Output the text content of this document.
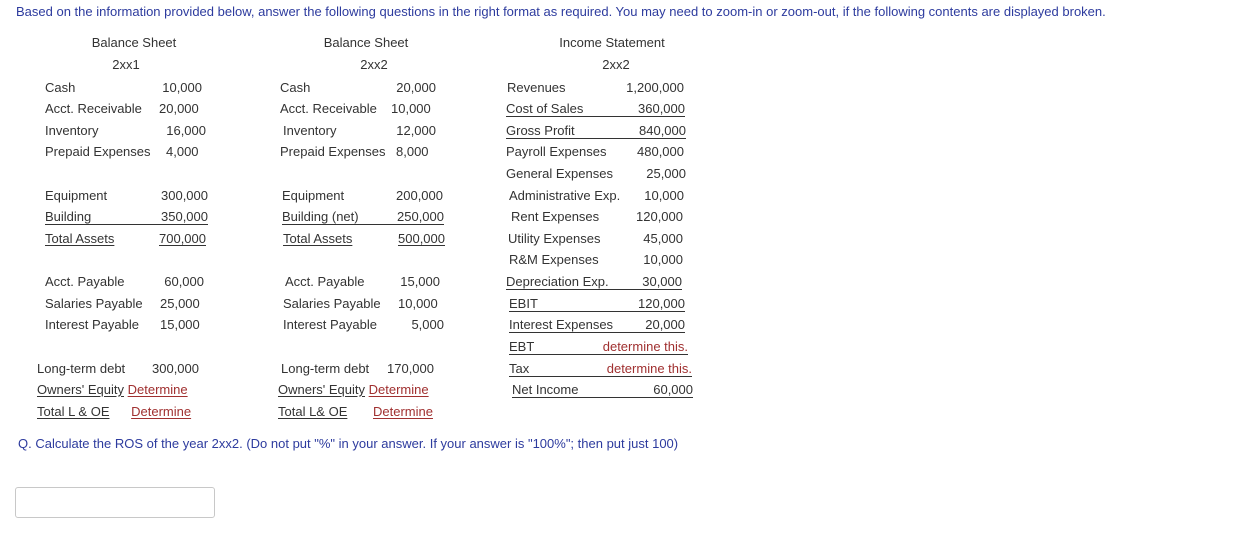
Based on the information provided below, answer the following questions in the right format as required. You may need to zoom-in or zoom-out, if the following contents are displayed broken.
Balance Sheet
2xx1
Cash	10,000
Acct. Receivable 20,000
Inventory	16,000
Prepaid Expenses 4,000
Equipment	300,000
Building	350,000
Total Assets	700,000
Acct. Payable	60,000
Salaries Payable 25,000
Interest Payable 15,000
Long-term debt 300,000
Owners' Equity Determine
Total L & OE Determine
Balance Sheet
2xx2
Cash	20,000
Acct. Receivable 10,000
Inventory	12,000
Prepaid Expenses 8,000
Equipment	200,000
Building (net)	250,000
Total Assets	500,000
Acct. Payable	15,000
Salaries Payable 10,000
Interest Payable	5,000
Long-term debt 170,000
Owners' Equity Determine
Total L& OE Determine
Income Statement
2xx2
Revenues	1,200,000
Cost of Sales	360,000
Gross Profit	840,000
Payroll Expenses	480,000
General Expenses	25,000
Administrative Exp.	10,000
Rent Expenses	120,000
Utility Expenses	45,000
R&M Expenses	10,000
Depreciation Exp.	30,000
EBIT	120,000
Interest Expenses 20,000
EBT	determine this.
Tax	determine this.
Net Income	60,000
Q. Calculate the ROS of the year 2xx2. (Do not put "%" in your answer. If your answer is "100%"; then put just 100)
